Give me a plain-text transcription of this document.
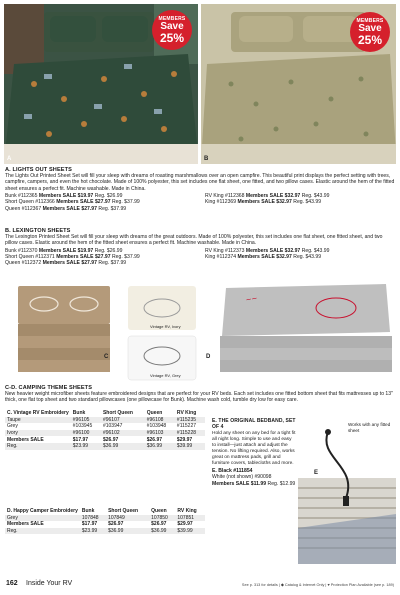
MEMBERS
Save
25%
A
MEMBERS
Save
25%
B
A. LIGHTS OUT SHEETS
The Lights Out Printed Sheet Set will fill your sleep with dreams of roasting marshmallows over an open campfire. This beautiful print displays the perfect setting with trees, campfire, campers, and even the hot chocolate. Made of 100% polyester, this set includes one flat sheet, one fitted, and two pillow cases. Elastic around the hem of the fitted sheet ensures a perfect fit. Machine washable. Made in China.
Bunk #112365 Members SALE $19.97 Reg. $26.99
Short Queen #112366 Members SALE $27.97 Reg. $37.99
Queen #112367 Members SALE $27.97 Reg. $37.99
RV King #112368 Members SALE $32.97 Reg. $43.99
King #112369 Members SALE $32.97 Reg. $43.99
B. LEXINGTON SHEETS
The Lexington Printed Sheet Set will fill your sleep with dreams of the great outdoors. Made of 100% polyester, this set includes one flat sheet, one fitted sheet, and two pillow cases. Elastic around the hem of the fitted sheet ensures a perfect fit. Machine washable. Made in China.
Bunk #112370 Members SALE $19.97 Reg. $26.99
Short Queen #112371 Members SALE $27.97 Reg. $37.99
Queen #112372 Members SALE $27.97 Reg. $37.99
RV King #112373 Members SALE $32.97 Reg. $43.99
King #112374 Members SALE $32.97 Reg. $43.99
Vintage RV, Ivory
Vintage RV, Grey
C
~~
D
C-D. CAMPING THEME SHEETS
New heavier weight microfiber sheets feature embroidered designs that are perfect for your RV beds. Each set includes one fitted bottom sheet that fits mattresses up to 13" thick, one flat top sheet and two standard pillowcases (one pillowcase for Bunk). Machine wash cold, tumble dry low for easy care.
C. Vintage RV Embroidery	Bunk	Short Queen	Queen	RV King
Taupe	#96105	#96107	#96108	#115235
Grey	#103945	#103947	#103948	#115227
Ivory	#96100	#96102	#96103	#115228
Members SALE	$17.97	$26.97	$26.97	$29.97
Reg.	$23.99	$36.99	$36.99	$39.99
D. Happy Camper Embroidery	Bunk	Short Queen	Queen	RV King
Grey	107848	107849	107850	107851
Members SALE	$17.97	$26.97	$26.97	$29.97
Reg.	$23.99	$36.99	$36.99	$39.99
E. THE ORIGINAL BEDBAND, SET OF 4
Hold any sheet on any bed for a tight fit all night long. Simple to use and easy to install—just attach and adjust the tension. No lifting required. Also, works great on mattress pads, grill and furniture covers, tablecloths and more.
E. Black #111854
White (not shown) #90098
Members SALE $11.99 Reg. $12.99
Works with any fitted sheet
E
162 Inside Your RV	See p. 313 for details | ◆ Catalog & Internet Only | ♥ Protection Plan Available (see p. 189)
